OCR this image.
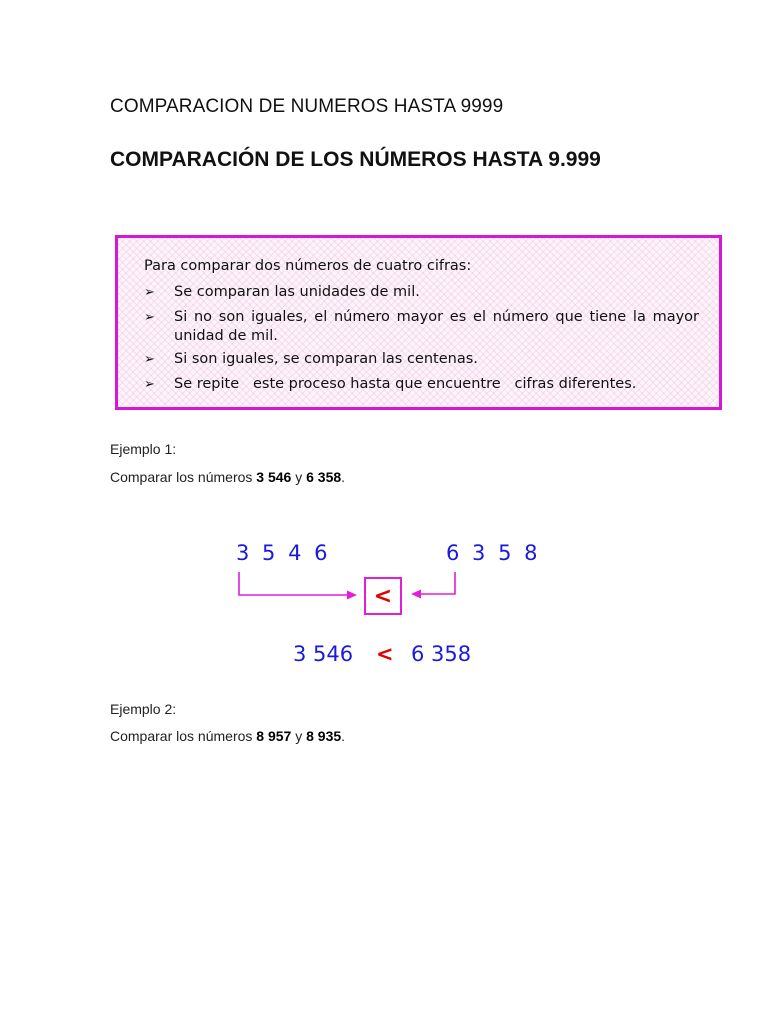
COMPARACION DE NUMEROS HASTA 9999
COMPARACIÓN DE LOS NÚMEROS HASTA 9.999
Para comparar dos números de cuatro cifras:
➢ Se comparan las unidades de mil.
➢ Si no son iguales, el número mayor es el número que tiene la mayor unidad de mil.
➢ Si son iguales, se comparan las centenas.
➢ Se repite   este proceso hasta que encuentre   cifras diferentes.
Ejemplo 1:
Comparar los números 3 546 y 6 358.
3 5 4 6	6 3 5 8
<
3 546 < 6 358
Ejemplo 2:
Comparar los números 8 957 y 8 935.
